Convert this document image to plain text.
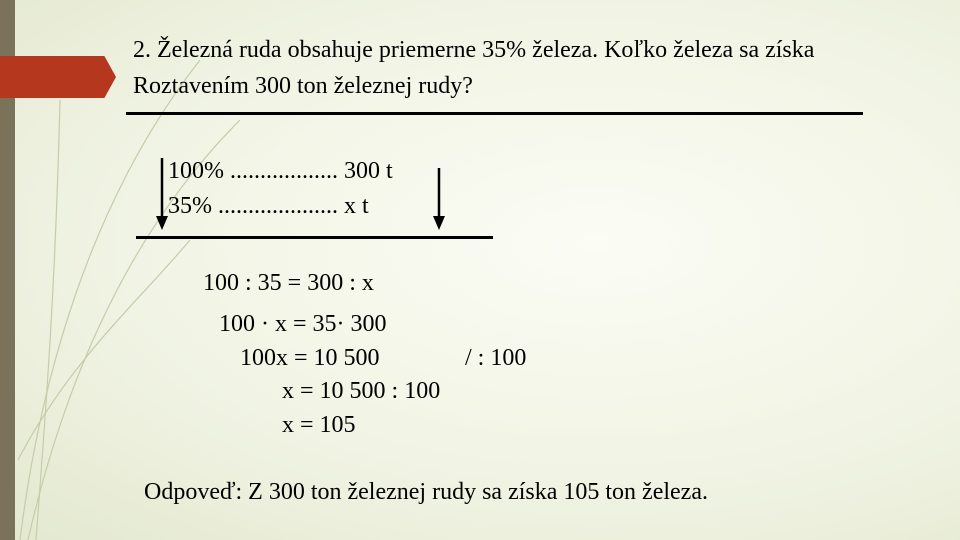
2. Železná ruda obsahuje priemerne 35% železa. Koľko železa sa získa
Roztavením 300 ton železnej rudy?
100% .................. 300 t
35% .................... x t
100 : 35 = 300 : x
100 · x = 35· 300
100x = 10 500	/ : 100
x = 10 500 : 100
x = 105
Odpoveď: Z 300 ton železnej rudy sa získa 105 ton železa.
